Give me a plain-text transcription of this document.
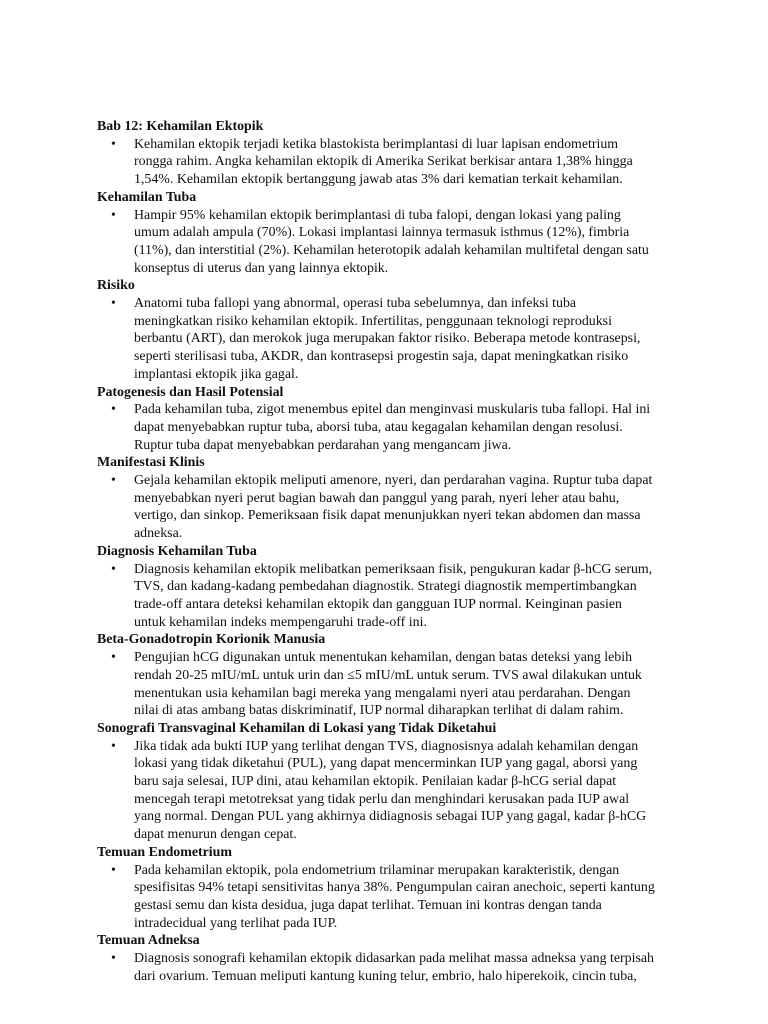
Bab 12: Kehamilan Ektopik

• Kehamilan ektopik terjadi ketika blastokista berimplantasi di luar lapisan endometrium rongga rahim. Angka kehamilan ektopik di Amerika Serikat berkisar antara 1,38% hingga 1,54%. Kehamilan ektopik bertanggung jawab atas 3% dari kematian terkait kehamilan.

Kehamilan Tuba

• Hampir 95% kehamilan ektopik berimplantasi di tuba falopi, dengan lokasi yang paling umum adalah ampula (70%). Lokasi implantasi lainnya termasuk isthmus (12%), fimbria (11%), dan interstitial (2%). Kehamilan heterotopik adalah kehamilan multifetal dengan satu konseptus di uterus dan yang lainnya ektopik.

Risiko

• Anatomi tuba fallopi yang abnormal, operasi tuba sebelumnya, dan infeksi tuba meningkatkan risiko kehamilan ektopik. Infertilitas, penggunaan teknologi reproduksi berbantu (ART), dan merokok juga merupakan faktor risiko. Beberapa metode kontrasepsi, seperti sterilisasi tuba, AKDR, dan kontrasepsi progestin saja, dapat meningkatkan risiko implantasi ektopik jika gagal.

Patogenesis dan Hasil Potensial

• Pada kehamilan tuba, zigot menembus epitel dan menginvasi muskularis tuba fallopi. Hal ini dapat menyebabkan ruptur tuba, aborsi tuba, atau kegagalan kehamilan dengan resolusi. Ruptur tuba dapat menyebabkan perdarahan yang mengancam jiwa.

Manifestasi Klinis

• Gejala kehamilan ektopik meliputi amenore, nyeri, dan perdarahan vagina. Ruptur tuba dapat menyebabkan nyeri perut bagian bawah dan panggul yang parah, nyeri leher atau bahu, vertigo, dan sinkop. Pemeriksaan fisik dapat menunjukkan nyeri tekan abdomen dan massa adneksa.

Diagnosis Kehamilan Tuba

• Diagnosis kehamilan ektopik melibatkan pemeriksaan fisik, pengukuran kadar β-hCG serum, TVS, dan kadang-kadang pembedahan diagnostik. Strategi diagnostik mempertimbangkan trade-off antara deteksi kehamilan ektopik dan gangguan IUP normal. Keinginan pasien untuk kehamilan indeks mempengaruhi trade-off ini.

Beta-Gonadotropin Korionik Manusia

• Pengujian hCG digunakan untuk menentukan kehamilan, dengan batas deteksi yang lebih rendah 20-25 mIU/mL untuk urin dan ≤5 mIU/mL untuk serum. TVS awal dilakukan untuk menentukan usia kehamilan bagi mereka yang mengalami nyeri atau perdarahan. Dengan nilai di atas ambang batas diskriminatif, IUP normal diharapkan terlihat di dalam rahim.

Sonografi Transvaginal Kehamilan di Lokasi yang Tidak Diketahui

• Jika tidak ada bukti IUP yang terlihat dengan TVS, diagnosisnya adalah kehamilan dengan lokasi yang tidak diketahui (PUL), yang dapat mencerminkan IUP yang gagal, aborsi yang baru saja selesai, IUP dini, atau kehamilan ektopik. Penilaian kadar β-hCG serial dapat mencegah terapi metotreksat yang tidak perlu dan menghindari kerusakan pada IUP awal yang normal. Dengan PUL yang akhirnya didiagnosis sebagai IUP yang gagal, kadar β-hCG dapat menurun dengan cepat.

Temuan Endometrium

• Pada kehamilan ektopik, pola endometrium trilaminar merupakan karakteristik, dengan spesifisitas 94% tetapi sensitivitas hanya 38%. Pengumpulan cairan anechoic, seperti kantung gestasi semu dan kista desidua, juga dapat terlihat. Temuan ini kontras dengan tanda intradecidual yang terlihat pada IUP.

Temuan Adneksa

• Diagnosis sonografi kehamilan ektopik didasarkan pada melihat massa adneksa yang terpisah dari ovarium. Temuan meliputi kantung kuning telur, embrio, halo hiperekoik, cincin tuba,
